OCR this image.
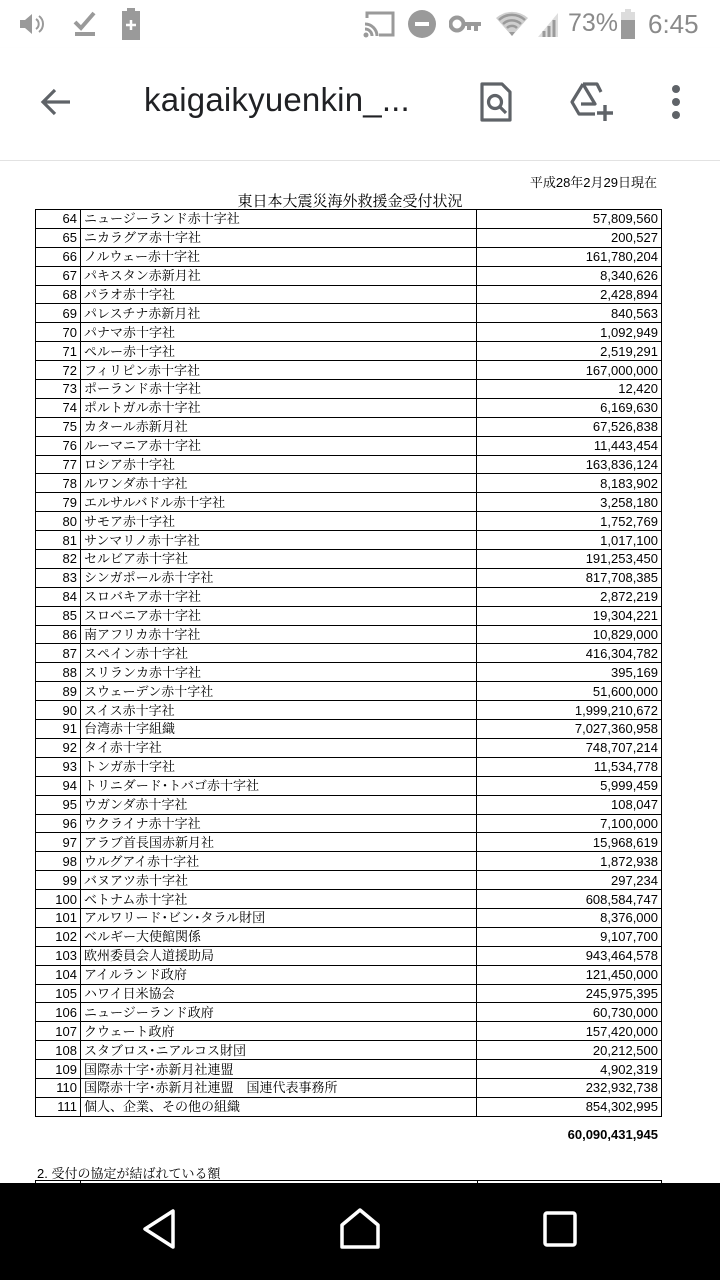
73% 6:45
kaigaikyuenkin_...
平成28年2月29日現在
東日本大震災海外救援金受付状況
64	ニュージーランド赤十字社	57,809,560
65	ニカラグア赤十字社	200,527
66	ノルウェー赤十字社	161,780,204
67	パキスタン赤新月社	8,340,626
68	パラオ赤十字社	2,428,894
69	パレスチナ赤新月社	840,563
70	パナマ赤十字社	1,092,949
71	ペルー赤十字社	2,519,291
72	フィリピン赤十字社	167,000,000
73	ポーランド赤十字社	12,420
74	ポルトガル赤十字社	6,169,630
75	カタール赤新月社	67,526,838
76	ルーマニア赤十字社	11,443,454
77	ロシア赤十字社	163,836,124
78	ルワンダ赤十字社	8,183,902
79	エルサルバドル赤十字社	3,258,180
80	サモア赤十字社	1,752,769
81	サンマリノ赤十字社	1,017,100
82	セルビア赤十字社	191,253,450
83	シンガポール赤十字社	817,708,385
84	スロバキア赤十字社	2,872,219
85	スロベニア赤十字社	19,304,221
86	南アフリカ赤十字社	10,829,000
87	スペイン赤十字社	416,304,782
88	スリランカ赤十字社	395,169
89	スウェーデン赤十字社	51,600,000
90	スイス赤十字社	1,999,210,672
91	台湾赤十字組織	7,027,360,958
92	タイ赤十字社	748,707,214
93	トンガ赤十字社	11,534,778
94	トリニダード･トバゴ赤十字社	5,999,459
95	ウガンダ赤十字社	108,047
96	ウクライナ赤十字社	7,100,000
97	アラブ首長国赤新月社	15,968,619
98	ウルグアイ赤十字社	1,872,938
99	バヌアツ赤十字社	297,234
100	ベトナム赤十字社	608,584,747
101	アルワリード･ビン･タラル財団	8,376,000
102	ベルギー大使館関係	9,107,700
103	欧州委員会人道援助局	943,464,578
104	アイルランド政府	121,450,000
105	ハワイ日米協会	245,975,395
106	ニュージーランド政府	60,730,000
107	クウェート政府	157,420,000
108	スタブロス･ニアルコス財団	20,212,500
109	国際赤十字･赤新月社連盟	4,902,319
110	国際赤十字･赤新月社連盟　国連代表事務所	232,932,738
111	個人、企業、その他の組織	854,302,995
60,090,431,945
2. 受付の協定が結ばれている額
